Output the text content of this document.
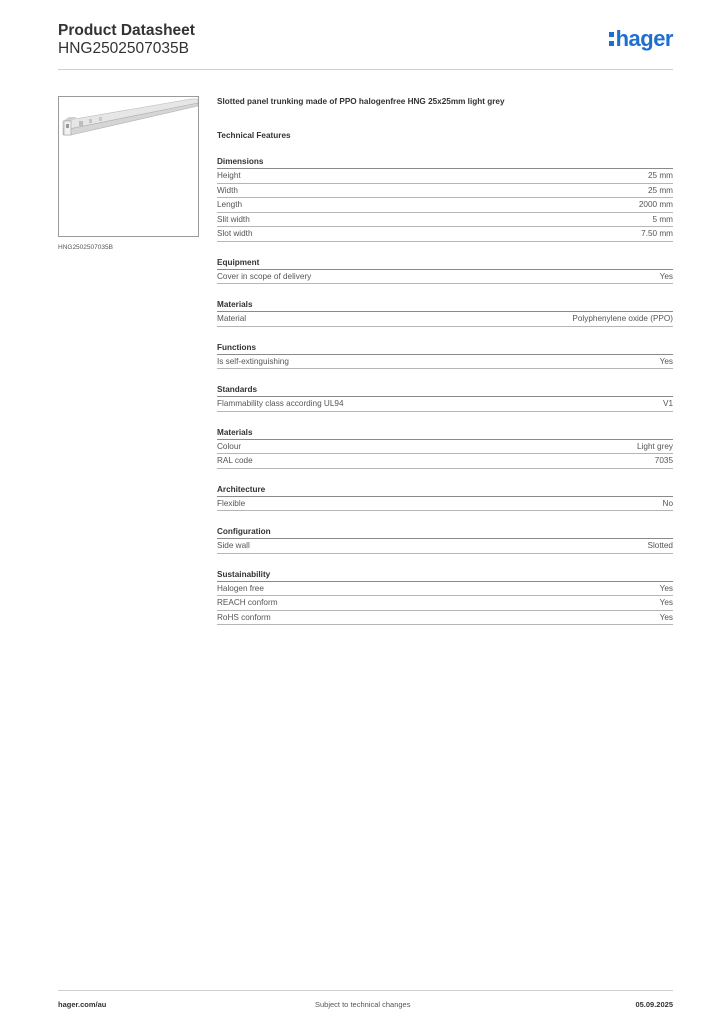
Product Datasheet
HNG2502507035B	hager
HNG2502507035B
Slotted panel trunking made of PPO halogenfree HNG 25x25mm light grey
Technical Features
Dimensions
Height	25 mm
Width	25 mm
Length	2000 mm
Slit width	5 mm
Slot width	7.50 mm
Equipment
Cover in scope of delivery	Yes
Materials
Material	Polyphenylene oxide (PPO)
Functions
Is self-extinguishing	Yes
Standards
Flammability class according UL94	V1
Materials
Colour	Light grey
RAL code	7035
Architecture
Flexible	No
Configuration
Side wall	Slotted
Sustainability
Halogen free	Yes
REACH conform	Yes
RoHS conform	Yes
hager.com/au	Subject to technical changes	05.09.2025
